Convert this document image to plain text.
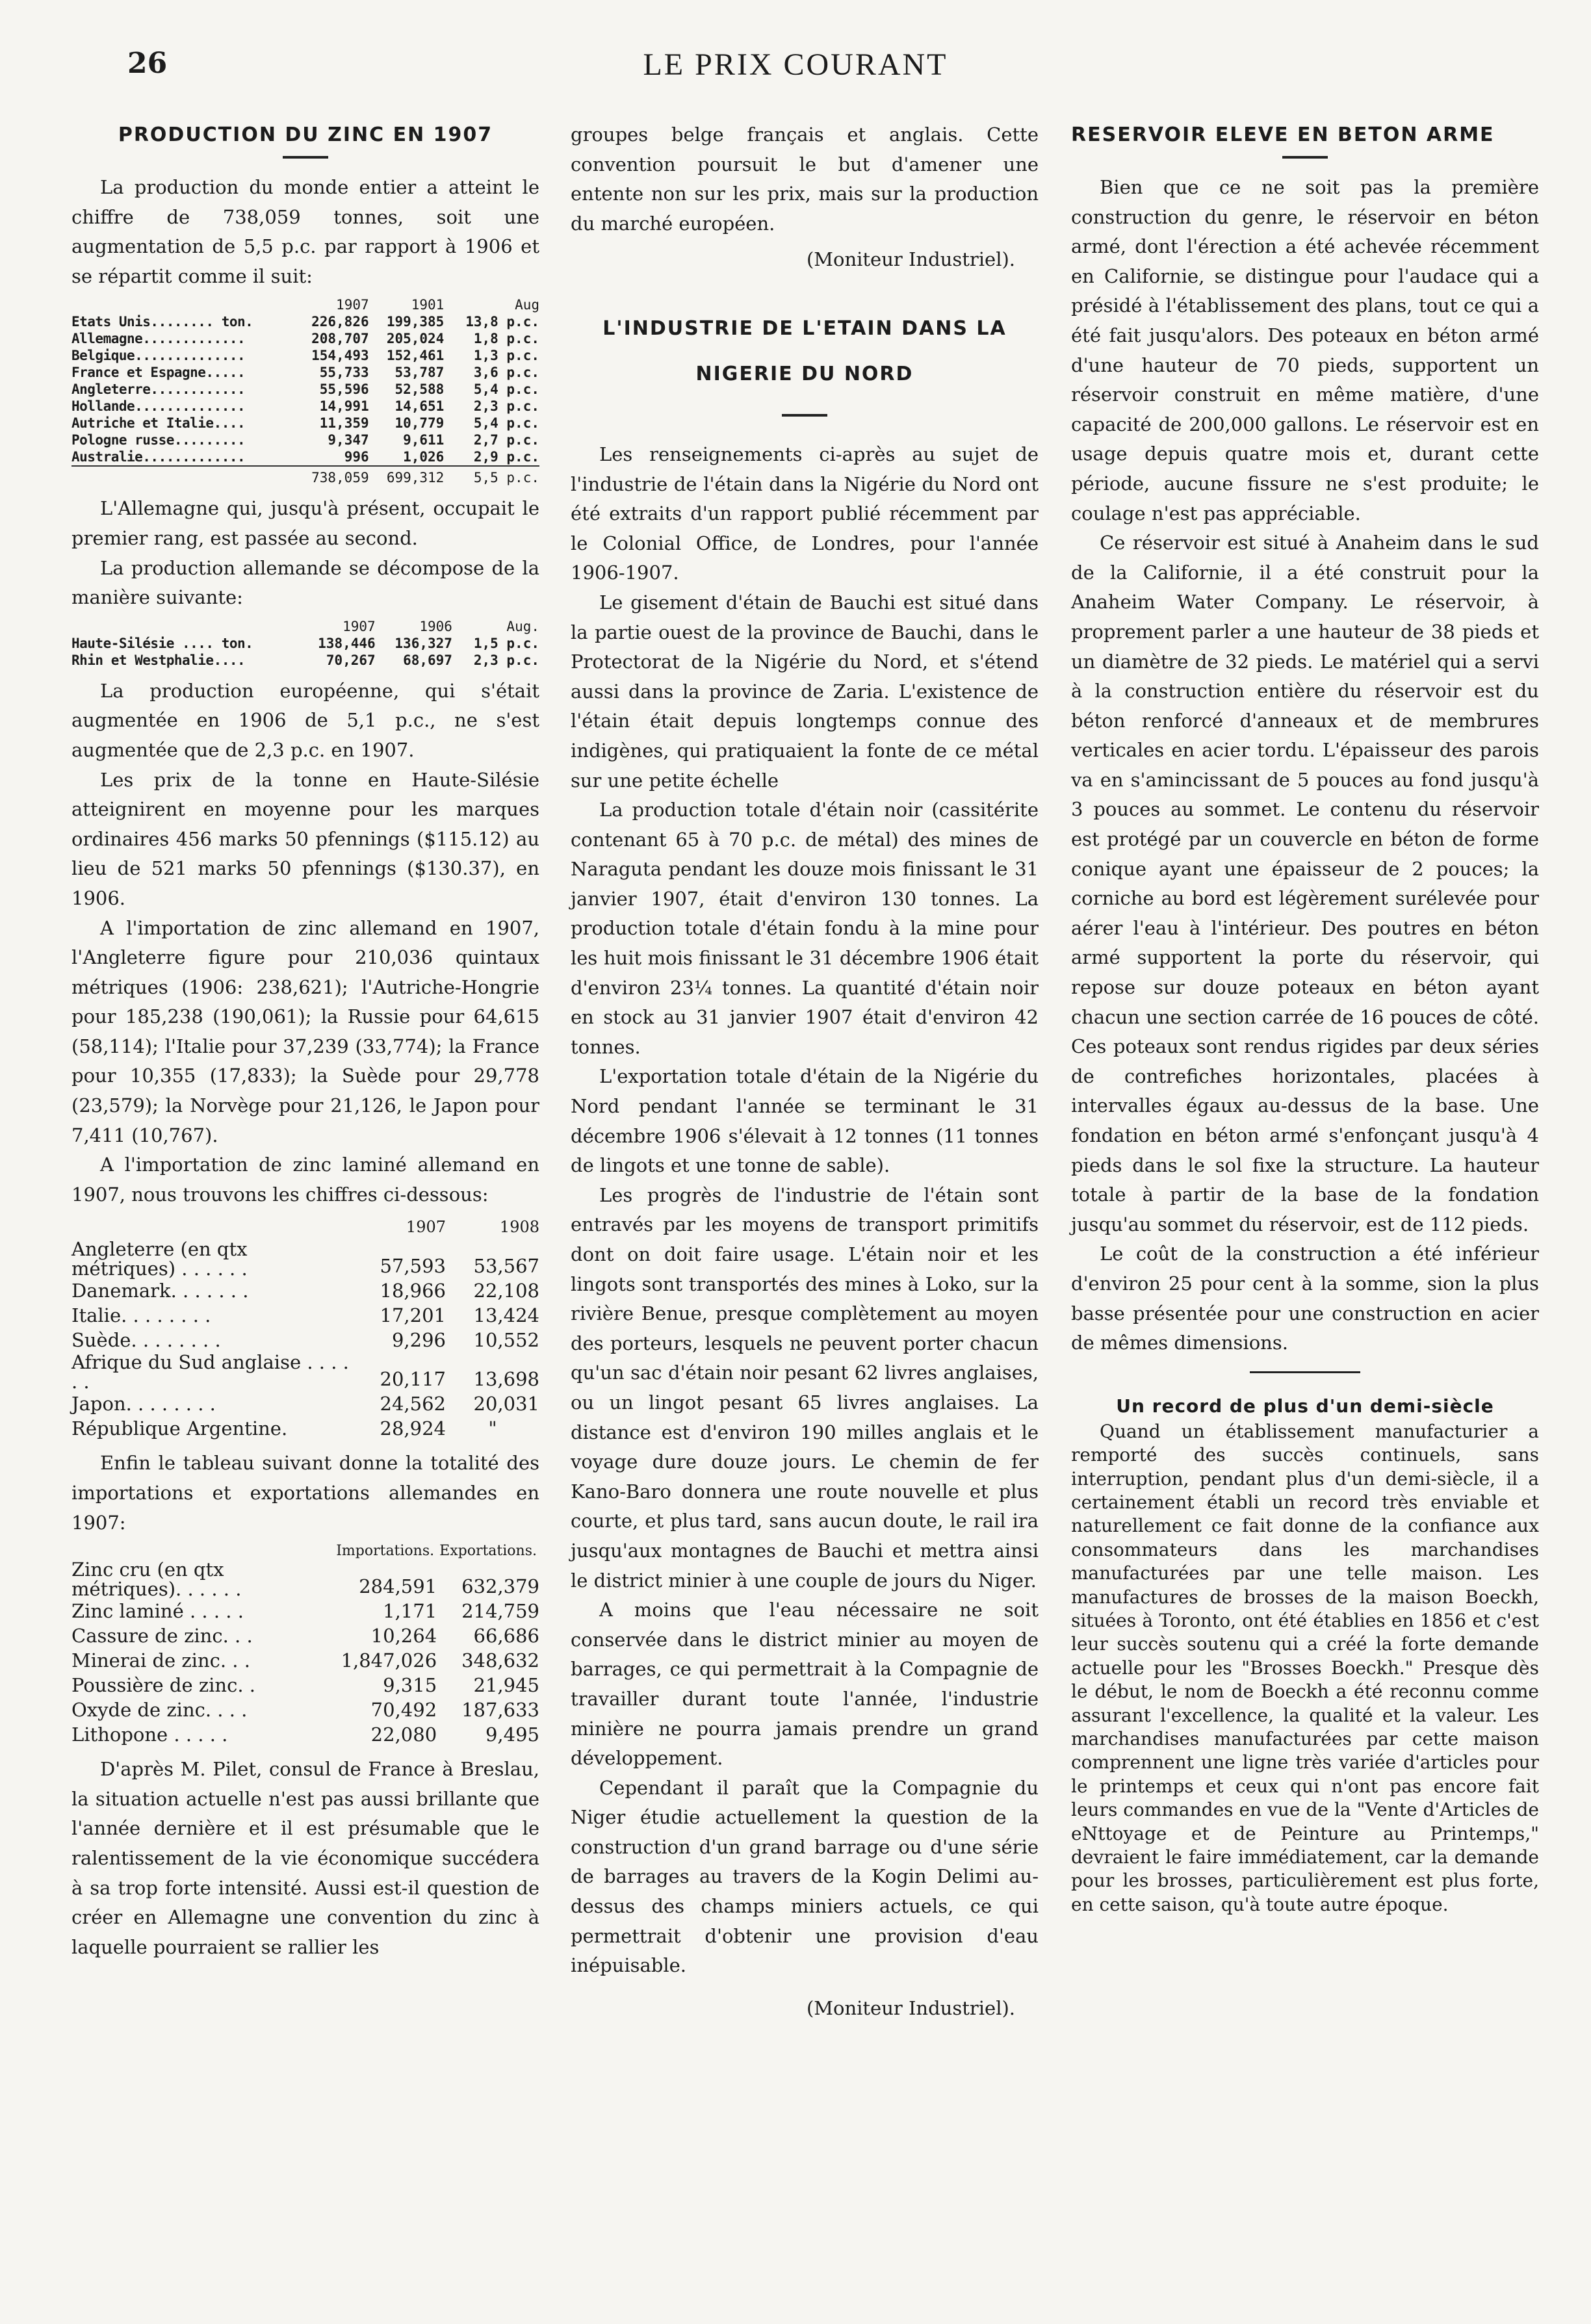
26	LE PRIX COURANT
PRODUCTION DU ZINC EN 1907

La production du monde entier a atteint le chiffre de 738,059 tonnes, soit une augmentation de 5,5 p.c. par rapport à 1906 et se répartit comme il suit:

	1907	1901	Aug
Etats Unis........ ton.	226,826	199,385	13,8 p.c.
Allemagne.............	208,707	205,024	1,8 p.c.
Belgique..............	154,493	152,461	1,3 p.c.
France et Espagne.....	55,733	53,787	3,6 p.c.
Angleterre............	55,596	52,588	5,4 p.c.
Hollande..............	14,991	14,651	2,3 p.c.
Autriche et Italie....	11,359	10,779	5,4 p.c.
Pologne russe.........	9,347	9,611	2,7 p.c.
Australie.............	996	1,026	2,9 p.c.
	738,059	699,312	5,5 p.c.

L'Allemagne qui, jusqu'à présent, occupait le premier rang, est passée au second.

La production allemande se décompose de la manière suivante:

	1907	1906	Aug.
Haute-Silésie .... ton.	138,446	136,327	1,5 p.c.
Rhin et Westphalie....	70,267	68,697	2,3 p.c.

La production européenne, qui s'était augmentée en 1906 de 5,1 p.c., ne s'est augmentée que de 2,3 p.c. en 1907.

Les prix de la tonne en Haute-Silésie atteignirent en moyenne pour les marques ordinaires 456 marks 50 pfennings ($115.12) au lieu de 521 marks 50 pfennings ($130.37), en 1906.

A l'importation de zinc allemand en 1907, l'Angleterre figure pour 210,036 quintaux métriques (1906: 238,621); l'Autriche-Hongrie pour 185,238 (190,061); la Russie pour 64,615 (58,114); l'Italie pour 37,239 (33,774); la France pour 10,355 (17,833); la Suède pour 29,778 (23,579); la Norvège pour 21,126, le Japon pour 7,411 (10,767).

A l'importation de zinc laminé allemand en 1907, nous trouvons les chiffres ci-dessous:

	1907	1908
Angleterre (en qtx métriques) . . . . . .	57,593	53,567
Danemark. . . . . . .	18,966	22,108
Italie. . . . . . . .	17,201	13,424
Suède. . . . . . . .	9,296	10,552
Afrique du Sud anglaise . . . . . .	20,117	13,698
Japon. . . . . . . .	24,562	20,031
République Argentine.	28,924	"

Enfin le tableau suivant donne la totalité des importations et exportations allemandes en 1907:

	Importations.	Exportations.
Zinc cru (en qtx métriques). . . . . .	284,591	632,379
Zinc laminé . . . . .	1,171	214,759
Cassure de zinc. . .	10,264	66,686
Minerai de zinc. . .	1,847,026	348,632
Poussière de zinc. .	9,315	21,945
Oxyde de zinc. . . .	70,492	187,633
Lithopone . . . . .	22,080	9,495

D'après M. Pilet, consul de France à Breslau, la situation actuelle n'est pas aussi brillante que l'année dernière et il est présumable que le ralentissement de la vie économique succédera à sa trop forte intensité. Aussi est-il question de créer en Allemagne une convention du zinc à laquelle pourraient se rallier les

groupes belge français et anglais. Cette convention poursuit le but d'amener une entente non sur les prix, mais sur la production du marché européen.

(Moniteur Industriel).

L'INDUSTRIE DE L'ETAIN DANS LA NIGERIE DU NORD

Les renseignements ci-après au sujet de l'industrie de l'étain dans la Nigérie du Nord ont été extraits d'un rapport publié récemment par le Colonial Office, de Londres, pour l'année 1906-1907.

Le gisement d'étain de Bauchi est situé dans la partie ouest de la province de Bauchi, dans le Protectorat de la Nigérie du Nord, et s'étend aussi dans la province de Zaria. L'existence de l'étain était depuis longtemps connue des indigènes, qui pratiquaient la fonte de ce métal sur une petite échelle

La production totale d'étain noir (cassitérite contenant 65 à 70 p.c. de métal) des mines de Naraguta pendant les douze mois finissant le 31 janvier 1907, était d'environ 130 tonnes. La production totale d'étain fondu à la mine pour les huit mois finissant le 31 décembre 1906 était d'environ 23¼ tonnes. La quantité d'étain noir en stock au 31 janvier 1907 était d'environ 42 tonnes.

L'exportation totale d'étain de la Nigérie du Nord pendant l'année se terminant le 31 décembre 1906 s'élevait à 12 tonnes (11 tonnes de lingots et une tonne de sable).

Les progrès de l'industrie de l'étain sont entravés par les moyens de transport primitifs dont on doit faire usage. L'étain noir et les lingots sont transportés des mines à Loko, sur la rivière Benue, presque complètement au moyen des porteurs, lesquels ne peuvent porter chacun qu'un sac d'étain noir pesant 62 livres anglaises, ou un lingot pesant 65 livres anglaises. La distance est d'environ 190 milles anglais et le voyage dure douze jours. Le chemin de fer Kano-Baro donnera une route nouvelle et plus courte, et plus tard, sans aucun doute, le rail ira jusqu'aux montagnes de Bauchi et mettra ainsi le district minier à une couple de jours du Niger.

A moins que l'eau nécessaire ne soit conservée dans le district minier au moyen de barrages, ce qui permettrait à la Compagnie de travailler durant toute l'année, l'industrie minière ne pourra jamais prendre un grand développement.

Cependant il paraît que la Compagnie du Niger étudie actuellement la question de la construction d'un grand barrage ou d'une série de barrages au travers de la Kogin Delimi au-dessus des champs miniers actuels, ce qui permettrait d'obtenir une provision d'eau inépuisable.

(Moniteur Industriel).

RESERVOIR ELEVE EN BETON ARME

Bien que ce ne soit pas la première construction du genre, le réservoir en béton armé, dont l'érection a été achevée récemment en Californie, se distingue pour l'audace qui a présidé à l'établissement des plans, tout ce qui a été fait jusqu'alors. Des poteaux en béton armé d'une hauteur de 70 pieds, supportent un réservoir construit en même matière, d'une capacité de 200,000 gallons. Le réservoir est en usage depuis quatre mois et, durant cette période, aucune fissure ne s'est produite; le coulage n'est pas appréciable.

Ce réservoir est situé à Anaheim dans le sud de la Californie, il a été construit pour la Anaheim Water Company. Le réservoir, à proprement parler a une hauteur de 38 pieds et un diamètre de 32 pieds. Le matériel qui a servi à la construction entière du réservoir est du béton renforcé d'anneaux et de membrures verticales en acier tordu. L'épaisseur des parois va en s'amincissant de 5 pouces au fond jusqu'à 3 pouces au sommet. Le contenu du réservoir est protégé par un couvercle en béton de forme conique ayant une épaisseur de 2 pouces; la corniche au bord est légèrement surélevée pour aérer l'eau à l'intérieur. Des poutres en béton armé supportent la porte du réservoir, qui repose sur douze poteaux en béton ayant chacun une section carrée de 16 pouces de côté. Ces poteaux sont rendus rigides par deux séries de contrefiches horizontales, placées à intervalles égaux au-dessus de la base. Une fondation en béton armé s'enfonçant jusqu'à 4 pieds dans le sol fixe la structure. La hauteur totale à partir de la base de la fondation jusqu'au sommet du réservoir, est de 112 pieds.

Le coût de la construction a été inférieur d'environ 25 pour cent à la somme, sion la plus basse présentée pour une construction en acier de mêmes dimensions.

Un record de plus d'un demi-siècle

Quand un établissement manufacturier a remporté des succès continuels, sans interruption, pendant plus d'un demi-siècle, il a certainement établi un record très enviable et naturellement ce fait donne de la confiance aux consommateurs dans les marchandises manufacturées par une telle maison. Les manufactures de brosses de la maison Boeckh, situées à Toronto, ont été établies en 1856 et c'est leur succès soutenu qui a créé la forte demande actuelle pour les "Brosses Boeckh." Presque dès le début, le nom de Boeckh a été reconnu comme assurant l'excellence, la qualité et la valeur. Les marchandises manufacturées par cette maison comprennent une ligne très variée d'articles pour le printemps et ceux qui n'ont pas encore fait leurs commandes en vue de la "Vente d'Articles de eNttoyage et de Peinture au Printemps," devraient le faire immédiatement, car la demande pour les brosses, particulièrement est plus forte, en cette saison, qu'à toute autre époque.
